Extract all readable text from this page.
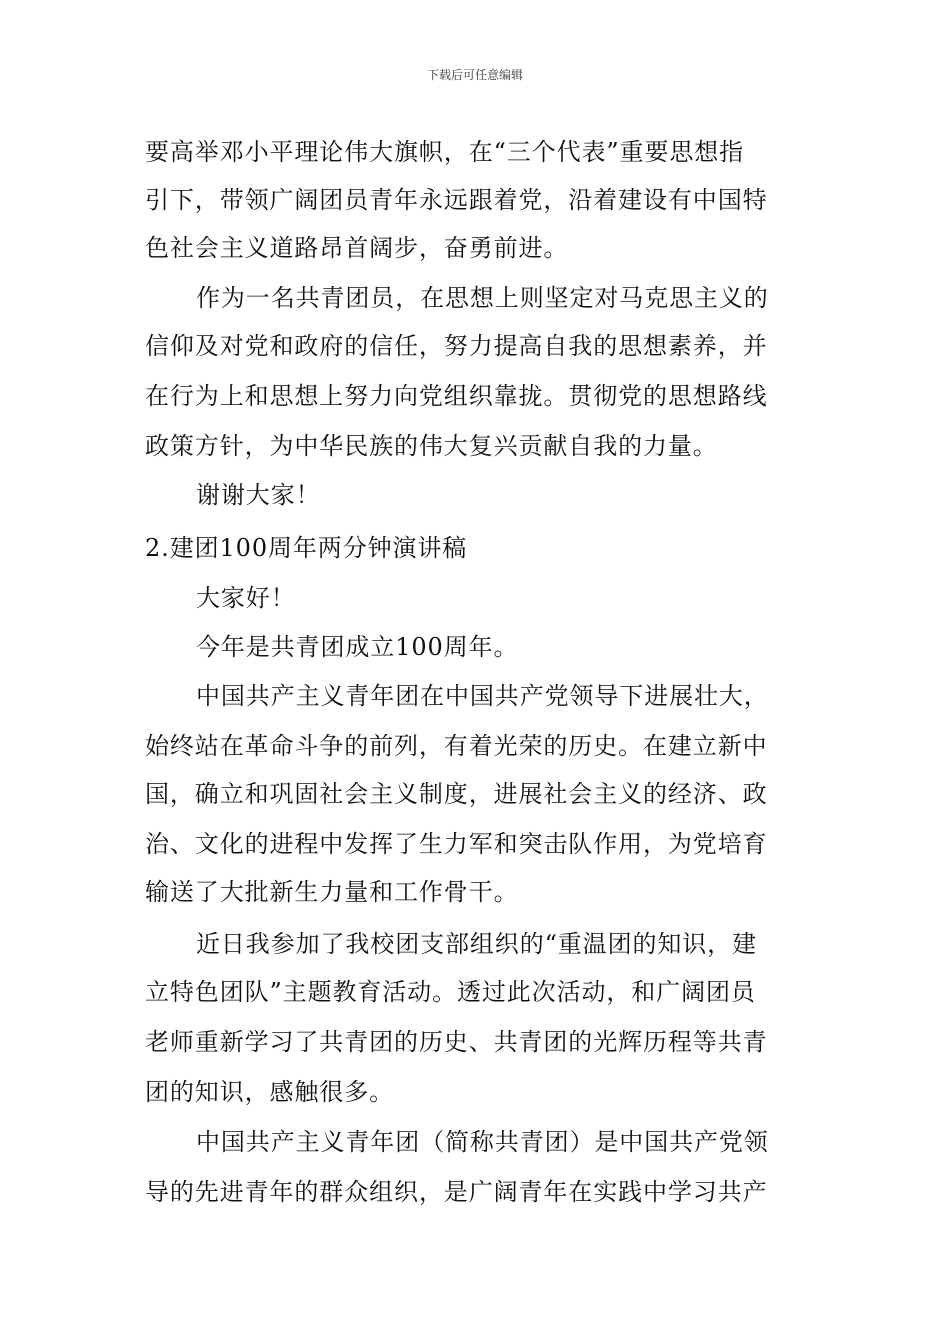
下载后可任意编辑
要高举邓小平理论伟大旗帜，在“三个代表”重要思想指
引下，带领广阔团员青年永远跟着党，沿着建设有中国特
色社会主义道路昂首阔步，奋勇前进。
作为一名共青团员，在思想上则坚定对马克思主义的
信仰及对党和政府的信任，努力提高自我的思想素养，并
在行为上和思想上努力向党组织靠拢。贯彻党的思想路线
政策方针，为中华民族的伟大复兴贡献自我的力量。
谢谢大家！
2.建团100周年两分钟演讲稿
大家好！
今年是共青团成立100周年。
中国共产主义青年团在中国共产党领导下进展壮大，
始终站在革命斗争的前列，有着光荣的历史。在建立新中
国，确立和巩固社会主义制度，进展社会主义的经济、政
治、文化的进程中发挥了生力军和突击队作用，为党培育
输送了大批新生力量和工作骨干。
近日我参加了我校团支部组织的“重温团的知识，建
立特色团队”主题教育活动。透过此次活动，和广阔团员
老师重新学习了共青团的历史、共青团的光辉历程等共青
团的知识，感触很多。
中国共产主义青年团（简称共青团）是中国共产党领
导的先进青年的群众组织，是广阔青年在实践中学习共产
